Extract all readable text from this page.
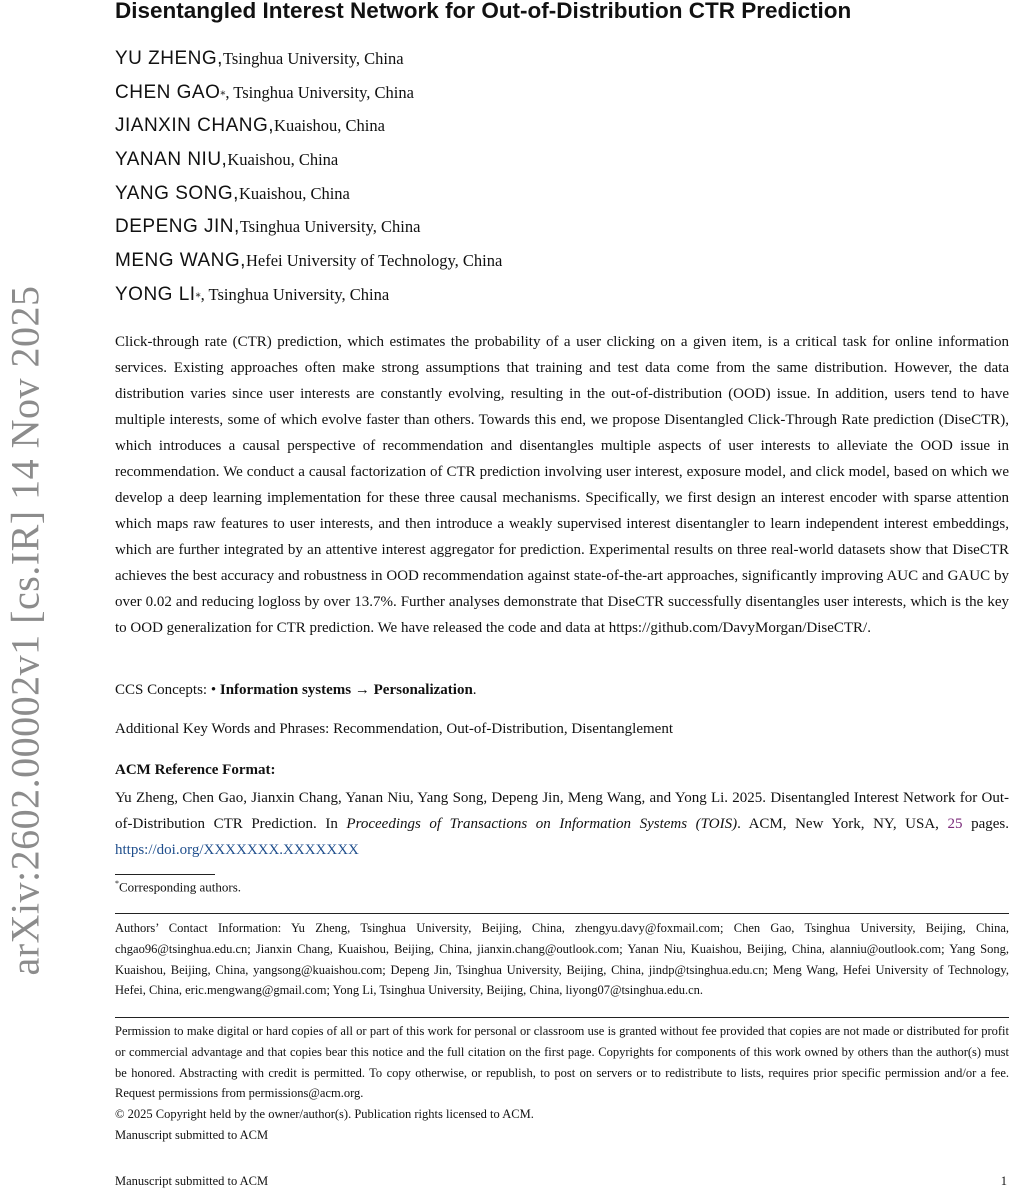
arXiv:2602.00002v1 [cs.IR] 14 Nov 2025
Disentangled Interest Network for Out-of-Distribution CTR Prediction
YU ZHENG, Tsinghua University, China
CHEN GAO * , Tsinghua University, China
JIANXIN CHANG, Kuaishou, China
YANAN NIU, Kuaishou, China
YANG SONG, Kuaishou, China
DEPENG JIN, Tsinghua University, China
MENG WANG, Hefei University of Technology, China
YONG LI * , Tsinghua University, China

Click-through rate (CTR) prediction, which estimates the probability of a user clicking on a given item, is a critical task for online information services. Existing approaches often make strong assumptions that training and test data come from the same distribution. However, the data distribution varies since user interests are constantly evolving, resulting in the out-of-distribution (OOD) issue. In addition, users tend to have multiple interests, some of which evolve faster than others. Towards this end, we propose Disentangled Click-Through Rate prediction (DiseCTR), which introduces a causal perspective of recommendation and disentangles multiple aspects of user interests to alleviate the OOD issue in recommendation. We conduct a causal factorization of CTR prediction involving user interest, exposure model, and click model, based on which we develop a deep learning implementation for these three causal mechanisms. Specifically, we first design an interest encoder with sparse attention which maps raw features to user interests, and then introduce a weakly supervised interest disentangler to learn independent interest embeddings, which are further integrated by an attentive interest aggregator for prediction. Experimental results on three real-world datasets show that DiseCTR achieves the best accuracy and robustness in OOD recommendation against state-of-the-art approaches, significantly improving AUC and GAUC by over 0.02 and reducing logloss by over 13.7%. Further analyses demonstrate that DiseCTR successfully disentangles user interests, which is the key to OOD generalization for CTR prediction. We have released the code and data at https://github.com/DavyMorgan/DiseCTR/.

CCS Concepts: • Information systems → Personalization.
Additional Key Words and Phrases: Recommendation, Out-of-Distribution, Disentanglement
ACM Reference Format:

Yu Zheng, Chen Gao, Jianxin Chang, Yanan Niu, Yang Song, Depeng Jin, Meng Wang, and Yong Li. 2025. Disentangled Interest Network for Out-of-Distribution CTR Prediction. In Proceedings of Transactions on Information Systems (TOIS). ACM, New York, NY, USA, 25 pages. https://doi.org/XXXXXXX.XXXXXXX

*Corresponding authors.

Authors’ Contact Information: Yu Zheng, Tsinghua University, Beijing, China, zhengyu.davy@foxmail.com; Chen Gao, Tsinghua University, Beijing, China, chgao96@tsinghua.edu.cn; Jianxin Chang, Kuaishou, Beijing, China, jianxin.chang@outlook.com; Yanan Niu, Kuaishou, Beijing, China, alanniu@outlook.com; Yang Song, Kuaishou, Beijing, China, yangsong@kuaishou.com; Depeng Jin, Tsinghua University, Beijing, China, jindp@tsinghua.edu.cn; Meng Wang, Hefei University of Technology, Hefei, China, eric.mengwang@gmail.com; Yong Li, Tsinghua University, Beijing, China, liyong07@tsinghua.edu.cn.

Permission to make digital or hard copies of all or part of this work for personal or classroom use is granted without fee provided that copies are not made or distributed for profit or commercial advantage and that copies bear this notice and the full citation on the first page. Copyrights for components of this work owned by others than the author(s) must be honored. Abstracting with credit is permitted. To copy otherwise, or republish, to post on servers or to redistribute to lists, requires prior specific permission and/or a fee. Request permissions from permissions@acm.org.

© 2025 Copyright held by the owner/author(s). Publication rights licensed to ACM.
Manuscript submitted to ACM
Manuscript submitted to ACM	1
